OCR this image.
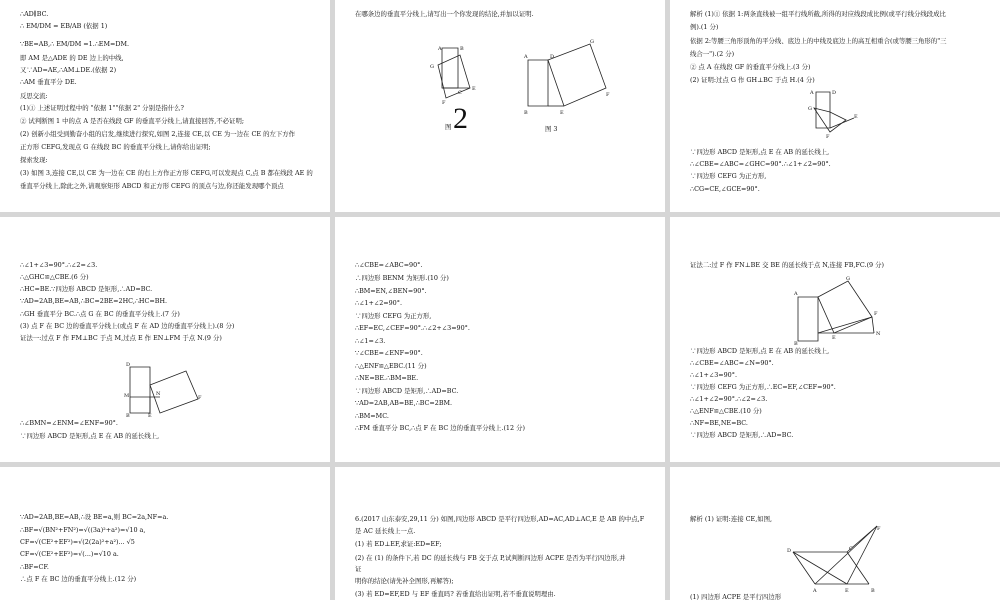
∴AD∥BC.
∴ EM/DM = EB/AB (依据 1)
∵BE=AB,∴ EM/DM =1.∴EM=DM.
即 AM 是△ADE 的 DE 边上的中线,
又∵AD=AE,∴AM⊥DE.(依据 2)
∴AM 垂直平分 DE.
反思交流:
(1)① 上述证明过程中的 "依据 1""依据 2" 分别是指什么?
② 试判断图 1 中的点 A 是否在线段 GF 的垂直平分线上,请直接回答,不必证明;
(2) 创新小组受到勤奋小组的启发,继续进行探究,如图 2,连接 CE,以 CE 为一边在 CE 的左下方作
正方形 CEFG,发现点 G 在线段 BC 的垂直平分线上,请你给出证明;
探索发现:
(3) 如图 3,连接 CE,以 CE 为一边在 CE 的右上方作正方形 CEFG,可以发现点 C,点 B 都在线段 AE 的
垂直平分线上,除此之外,请观察矩形 ABCD 和正方形 CEFG 的顶点与边,你还能发现哪个顶点
在哪条边的垂直平分线上,请写出一个你发现的结论,并加以证明.
A	B
G
E
F
C
图 2
A	D
G
F
B	E
图 3
解析 (1)① 依据 1:两条直线被一组平行线所截,所得的对应线段成比例(或平行线分线段成比
例).(1 分)
依据 2:等腰三角形顶角的平分线、底边上的中线及底边上的高互相重合(或等腰三角形的"三
线合一").(2 分)
② 点 A 在线段 GF 的垂直平分线上.(3 分)
(2) 证明:过点 G 作 GH⊥BC 于点 H.(4 分)
A	D
G
E
F
∵四边形 ABCD 是矩形,点 E 在 AB 的延长线上,
∴∠CBE=∠ABC=∠GHC=90°.∴∠1+∠2=90°.
∵四边形 CEFG 为正方形,
∴CG=CE,∠GCE=90°.
∴∠1+∠3=90°.∴∠2=∠3.
∴△GHC≌△CBE.(6 分)
∴HC=BE.∵四边形 ABCD 是矩形,∴AD=BC.
∵AD=2AB,BE=AB,∴BC=2BE=2HC,∴HC=BH.
∴GH 垂直平分 BC.∴点 G 在 BC 的垂直平分线上.(7 分)
(3) 点 F 在 BC 边的垂直平分线上(或点 F 在 AD 边的垂直平分线上).(8 分)
证法一:过点 F 作 FM⊥BC 于点 M,过点 E 作 EN⊥FM 于点 N.(9 分)
D
B
M
E
F
N
∴∠BMN=∠ENM=∠ENF=90°.
∵四边形 ABCD 是矩形,点 E 在 AB 的延长线上,
∴∠CBE=∠ABC=90°.
∴四边形 BENM 为矩形.(10 分)
∴BM=EN,∠BEN=90°.
∴∠1+∠2=90°.
∵四边形 CEFG 为正方形,
∴EF=EC,∠CEF=90°.∴∠2+∠3=90°.
∴∠1=∠3.
∵∠CBE=∠ENF=90°.
∴△ENF≌△EBC.(11 分)
∴NE=BE.∴BM=BE.
∵四边形 ABCD 是矩形,∴AD=BC.
∵AD=2AB,AB=BE,∴BC=2BM.
∴BM=MC.
∴FM 垂直平分 BC,∴点 F 在 BC 边的垂直平分线上.(12 分)
证法二:过 F 作 FN⊥BE 交 BE 的延长线于点 N,连接 FB,FC.(9 分)
A
B
G
F
N
E
∵四边形 ABCD 是矩形,点 E 在 AB 的延长线上,
∴∠CBE=∠ABC=∠N=90°.
∴∠1+∠3=90°.
∵四边形 CEFG 为正方形,∴EC=EF,∠CEF=90°.
∴∠1+∠2=90°.∴∠2=∠3.
∴△ENF≌△CBE.(10 分)
∴NF=BE,NE=BC.
∵四边形 ABCD 是矩形,∴AD=BC.
∵AD=2AB,BE=AB,∴设 BE=a,则 BC=2a,NF=a.
∴BF=√(BN²+FN²)=√((3a)²+a²)=√10 a,
CF=√(CE²+EF²)=√(2(2a)²+a²)... √5
CF=√(CE²+EF²)=√(...)=√10 a.
∴BF=CF.
∴点 F 在 BC 边的垂直平分线上.(12 分)
6.(2017 山东泰安,29,11 分) 如图,四边形 ABCD 是平行四边形,AD=AC,AD⊥AC,E 是 AB 的中点,F
是 AC 延长线上一点.
(1) 若 ED⊥EF,求证:ED=EF;
(2) 在 (1) 的条件下,若 DC 的延长线与 FB 交于点 P,试判断四边形 ACPE 是否为平行四边形,并
证
明你的结论(请先补全图形,再解答);
(3) 若 ED=EF,ED 与 EF 垂直吗? 若垂直给出证明,若不垂直说明理由.
解析 (1) 证明:连接 CE,如图,
D	C
F
A	E	B
(1) 四边形 ACPE 是平行四边形
